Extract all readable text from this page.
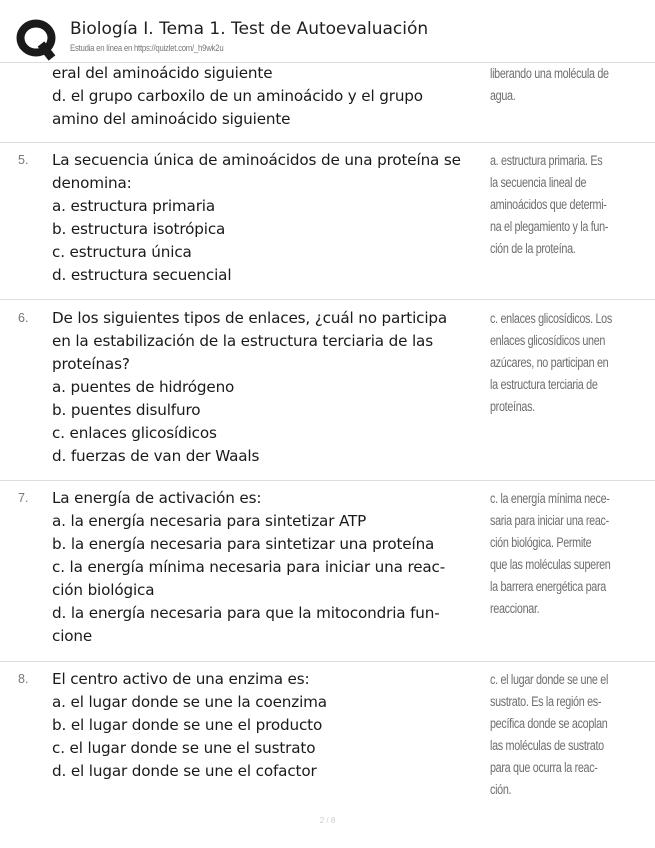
Biología I. Tema 1. Test de Autoevaluación
Estudia en línea en https://quizlet.com/_h9wk2u
eral del aminoácido siguiente
d. el grupo carboxilo de un aminoácido y el grupo
amino del aminoácido siguiente
liberando una molécula de
agua.
5. La secuencia única de aminoácidos de una proteína se
denomina:
a. estructura primaria
b. estructura isotrópica
c. estructura única
d. estructura secuencial
a. estructura primaria. Es
la secuencia lineal de
aminoácidos que determi-
na el plegamiento y la fun-
ción de la proteína.
6. De los siguientes tipos de enlaces, ¿cuál no participa
en la estabilización de la estructura terciaria de las
proteínas?
a. puentes de hidrógeno
b. puentes disulfuro
c. enlaces glicosídicos
d. fuerzas de van der Waals
c. enlaces glicosídicos. Los
enlaces glicosídicos unen
azúcares, no participan en
la estructura terciaria de
proteínas.
7. La energía de activación es:
a. la energía necesaria para sintetizar ATP
b. la energía necesaria para sintetizar una proteína
c. la energía mínima necesaria para iniciar una reac-
ción biológica
d. la energía necesaria para que la mitocondria fun-
cione
c. la energía mínima nece-
saria para iniciar una reac-
ción biológica. Permite
que las moléculas superen
la barrera energética para
reaccionar.
8. El centro activo de una enzima es:
a. el lugar donde se une la coenzima
b. el lugar donde se une el producto
c. el lugar donde se une el sustrato
d. el lugar donde se une el cofactor
c. el lugar donde se une el
sustrato. Es la región es-
pecífica donde se acoplan
las moléculas de sustrato
para que ocurra la reac-
ción.
2 / 8
